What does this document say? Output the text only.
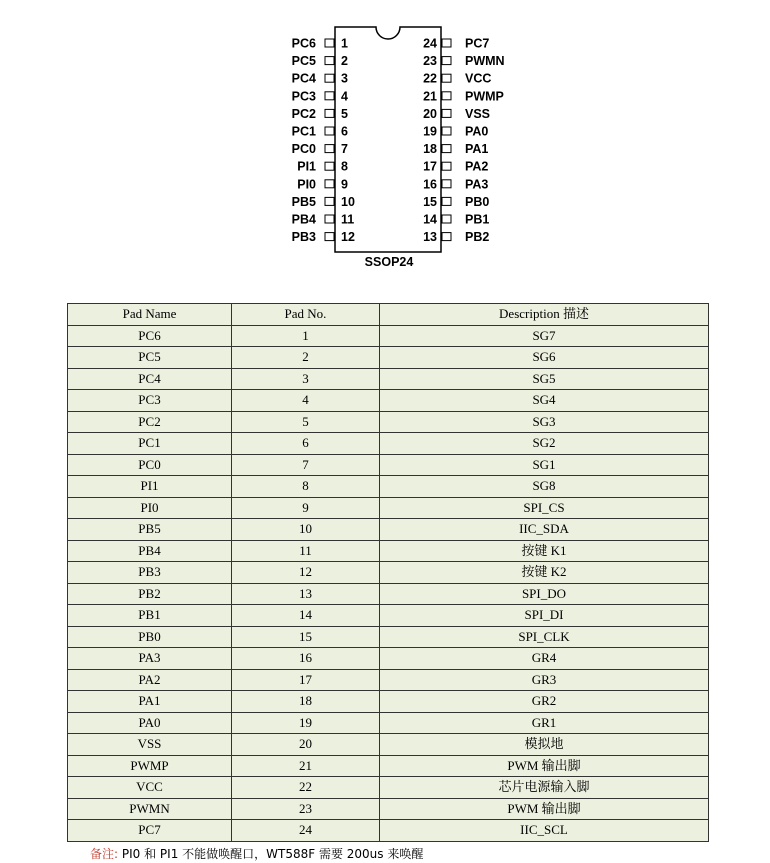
PC6 1
PC5 2
PC4 3
PC3 4
PC2 5
PC1 6
PC0 7
PI1 8
PI0 9
PB5 10
PB4 11
PB3 12
24 PC7
23 PWMN
22 VCC
21 PWMP
20 VSS
19 PA0
18 PA1
17 PA2
16 PA3
15 PB0
14 PB1
13 PB2
SSOP24
Pad Name	Pad No.	Description 描述
PC6	1	SG7
PC5	2	SG6
PC4	3	SG5
PC3	4	SG4
PC2	5	SG3
PC1	6	SG2
PC0	7	SG1
PI1	8	SG8
PI0	9	SPI_CS
PB5	10	IIC_SDA
PB4	11	按键 K1
PB3	12	按键 K2
PB2	13	SPI_DO
PB1	14	SPI_DI
PB0	15	SPI_CLK
PA3	16	GR4
PA2	17	GR3
PA1	18	GR2
PA0	19	GR1
VSS	20	模拟地
PWMP	21	PWM 输出脚
VCC	22	芯片电源输入脚
PWMN	23	PWM 输出脚
PC7	24	IIC_SCL
备注: PI0 和 PI1 不能做唤醒口，WT588F 需要 200us 来唤醒
